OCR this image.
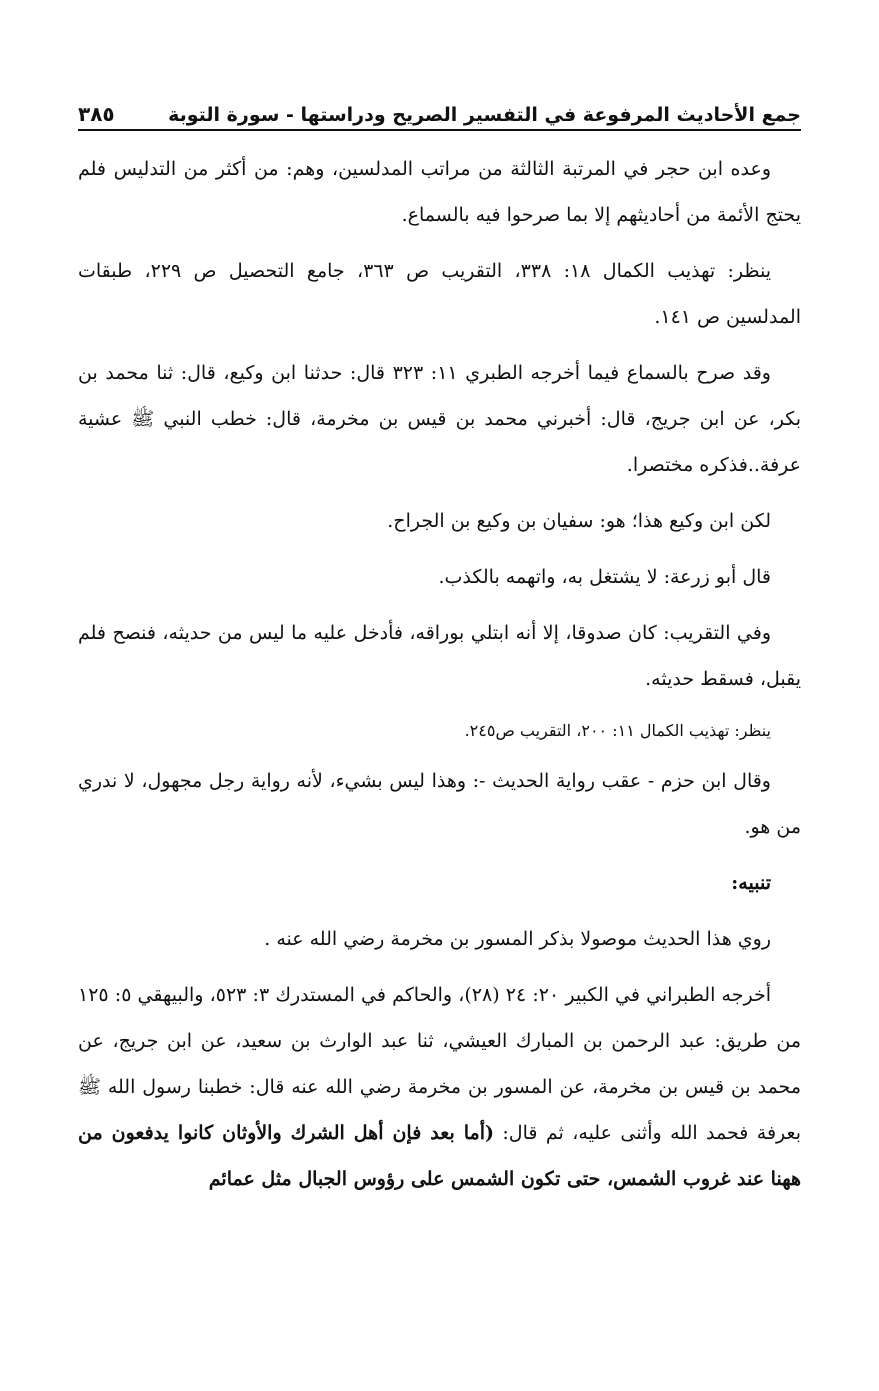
جمع الأحاديث المرفوعة في التفسير الصريح ودراستها - سورة التوبة
٣٨٥

وعده ابن حجر في المرتبة الثالثة من مراتب المدلسين، وهم: من أكثر من التدليس فلم يحتج الأئمة من أحاديثهم إلا بما صرحوا فيه بالسماع.

ينظر: تهذيب الكمال ١٨: ٣٣٨، التقريب ص ٣٦٣، جامع التحصيل ص ٢٢٩، طبقات المدلسين ص ١٤١.

وقد صرح بالسماع فيما أخرجه الطبري ١١: ٣٢٣ قال: حدثنا ابن وكيع، قال: ثنا محمد بن بكر، عن ابن جريج، قال: أخبرني محمد بن قيس بن مخرمة، قال: خطب النبي ﷺ عشية عرفة..فذكره مختصرا.

لكن ابن وكيع هذا؛ هو: سفيان بن وكيع بن الجراح.

قال أبو زرعة: لا يشتغل به، واتهمه بالكذب.

وفي التقريب: كان صدوقا، إلا أنه ابتلي بوراقه، فأدخل عليه ما ليس من حديثه، فنصح فلم يقبل، فسقط حديثه.

ينظر: تهذيب الكمال ١١: ٢٠٠، التقريب ص٢٤٥.

وقال ابن حزم - عقب رواية الحديث -: وهذا ليس بشيء، لأنه رواية رجل مجهول، لا ندري من هو.

تنبيه:

روي هذا الحديث موصولا بذكر المسور بن مخرمة رضي الله عنه .

أخرجه الطبراني في الكبير ٢٠: ٢٤ (٢٨)، والحاكم في المستدرك ٣: ٥٢٣، والبيهقي ٥: ١٢٥ من طريق: عبد الرحمن بن المبارك العيشي، ثنا عبد الوارث بن سعيد، عن ابن جريج، عن محمد بن قيس بن مخرمة، عن المسور بن مخرمة رضي الله عنه قال: خطبنا رسول الله ﷺ بعرفة فحمد الله وأثنى عليه، ثم قال: (أما بعد فإن أهل الشرك والأوثان كانوا يدفعون من ههنا عند غروب الشمس، حتى تكون الشمس على رؤوس الجبال مثل عمائم
